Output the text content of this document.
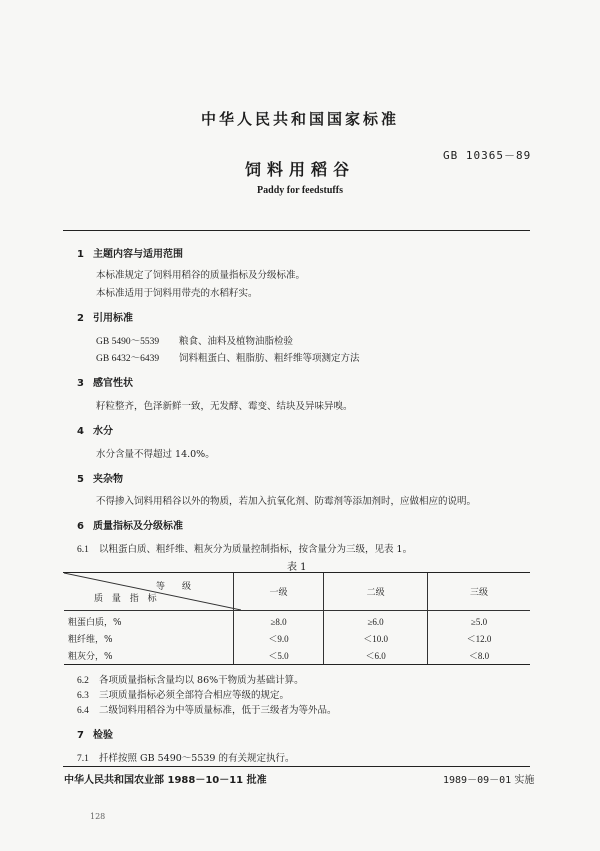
中华人民共和国国家标准
GB 10365－89
饲料用稻谷
Paddy for feedstuffs
1 主题内容与适用范围
本标准规定了饲料用稻谷的质量指标及分级标准。
本标准适用于饲料用带壳的水稻籽实。
2 引用标准
GB 5490～5539 粮食、油料及植物油脂检验
GB 6432～6439 饲料粗蛋白、粗脂肪、粗纤维等项测定方法
3 感官性状
籽粒整齐，色泽新鲜一致，无发酵、霉变、结块及异味异嗅。
4 水分
水分含量不得超过 14.0%。
5 夹杂物
不得掺入饲料用稻谷以外的物质，若加入抗氧化剂、防霉剂等添加剂时，应做相应的说明。
6 质量指标及分级标准
6.1 以粗蛋白质、粗纤维、粗灰分为质量控制指标，按含量分为三级，见表 1。
表 1
等　级
质 量 指 标	一级	二级	三级
粗蛋白质，%	≥8.0	≥6.0	≥5.0
粗纤维，%	＜9.0	＜10.0	＜12.0
粗灰分，%	＜5.0	＜6.0	＜8.0
6.2 各项质量指标含量均以 86%干物质为基础计算。
6.3 三项质量指标必须全部符合相应等级的规定。
6.4 二级饲料用稻谷为中等质量标准，低于三级者为等外品。
7 检验
7.1 扦样按照 GB 5490～5539 的有关规定执行。
中华人民共和国农业部 1988－10－11 批准	1989－09－01 实施
128
